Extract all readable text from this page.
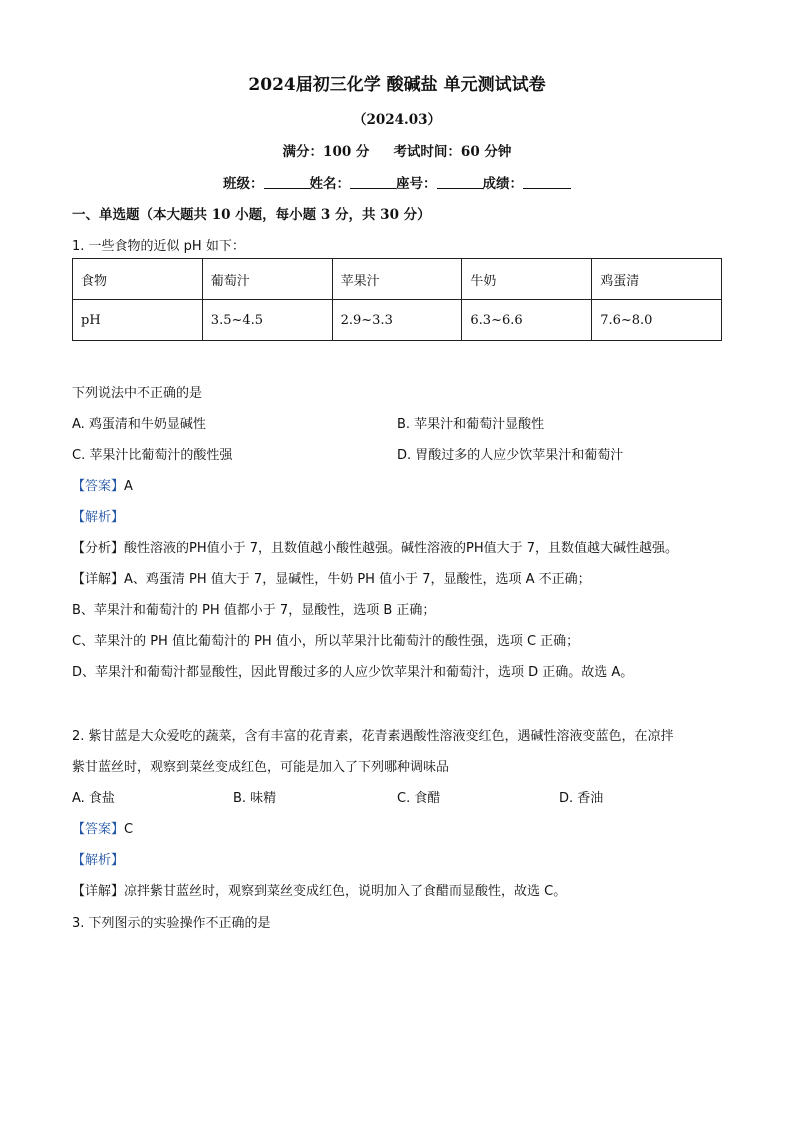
2024届初三化学 酸碱盐 单元测试试卷
（2024.03）
满分：100 分 考试时间：60 分钟
班级：	姓名：	座号：	成绩：
一、单选题（本大题共 10 小题，每小题 3 分，共 30 分）
1. 一些食物的近似 pH 如下：
食物	葡萄汁	苹果汁	牛奶	鸡蛋清
pH	3.5~4.5	2.9~3.3	6.3~6.6	7.6~8.0
下列说法中不正确的是
A. 鸡蛋清和牛奶显碱性	B. 苹果汁和葡萄汁显酸性
C. 苹果汁比葡萄汁的酸性强	D. 胃酸过多的人应少饮苹果汁和葡萄汁
【答案】A
【解析】
【分析】酸性溶液的PH值小于 7，且数值越小酸性越强。碱性溶液的PH值大于 7，且数值越大碱性越强。
【详解】A、鸡蛋清 PH 值大于 7，显碱性，牛奶 PH 值小于 7，显酸性，选项 A 不正确；
B、苹果汁和葡萄汁的 PH 值都小于 7，显酸性，选项 B 正确；
C、苹果汁的 PH 值比葡萄汁的 PH 值小，所以苹果汁比葡萄汁的酸性强，选项 C 正确；
D、苹果汁和葡萄汁都显酸性，因此胃酸过多的人应少饮苹果汁和葡萄汁，选项 D 正确。故选 A。
2. 紫甘蓝是大众爱吃的蔬菜，含有丰富的花青素，花青素遇酸性溶液变红色，遇碱性溶液变蓝色，在凉拌
紫甘蓝丝时，观察到菜丝变成红色，可能是加入了下列哪种调味品
A. 食盐	B. 味精	C. 食醋	D. 香油
【答案】C
【解析】
【详解】凉拌紫甘蓝丝时，观察到菜丝变成红色，说明加入了食醋而显酸性，故选 C。
3. 下列图示的实验操作不正确的是
